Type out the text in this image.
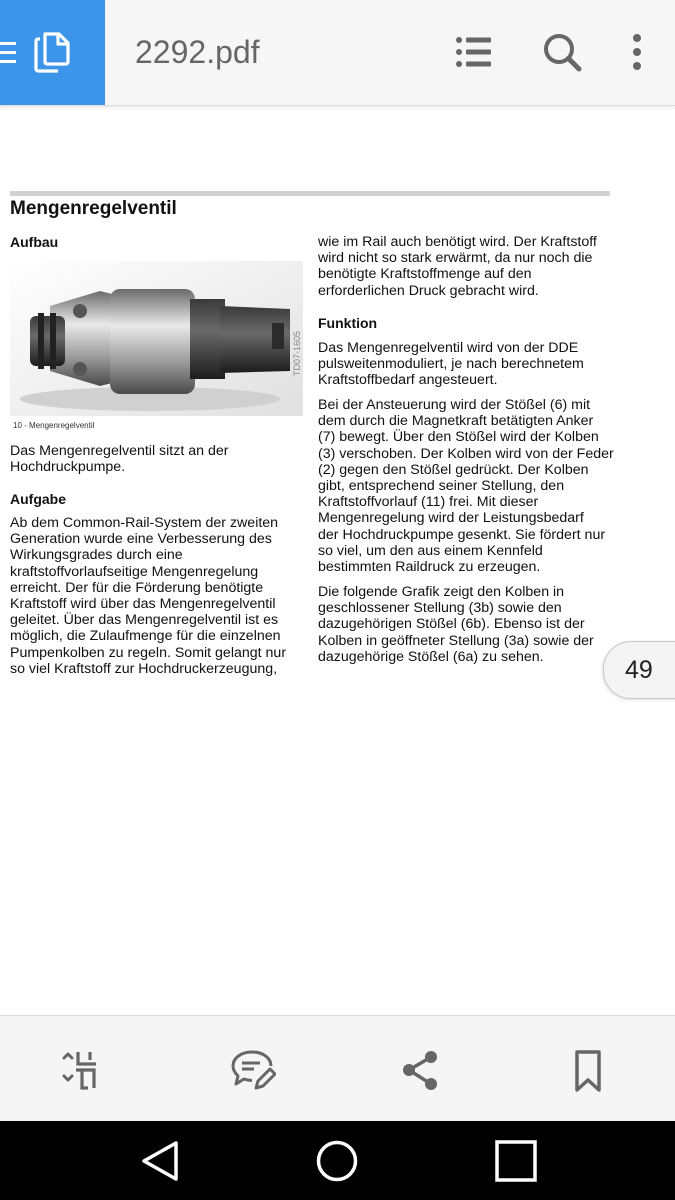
2292.pdf
Mengenregelventil
Aufbau
TD07-1605
10 - Mengenregelventil
Das Mengenregelventil sitzt an der
Hochdruckpumpe.
Aufgabe
Ab dem Common-Rail-System der zweiten
Generation wurde eine Verbesserung des
Wirkungsgrades durch eine
kraftstoffvorlaufseitige Mengenregelung
erreicht. Der für die Förderung benötigte
Kraftstoff wird über das Mengenregelventil
geleitet. Über das Mengenregelventil ist es
möglich, die Zulaufmenge für die einzelnen
Pumpenkolben zu regeln. Somit gelangt nur
so viel Kraftstoff zur Hochdruckerzeugung,
wie im Rail auch benötigt wird. Der Kraftstoff
wird nicht so stark erwärmt, da nur noch die
benötigte Kraftstoffmenge auf den
erforderlichen Druck gebracht wird.
Funktion
Das Mengenregelventil wird von der DDE
pulsweitenmoduliert, je nach berechnetem
Kraftstoffbedarf angesteuert.
Bei der Ansteuerung wird der Stößel (6) mit
dem durch die Magnetkraft betätigten Anker
(7) bewegt. Über den Stößel wird der Kolben
(3) verschoben. Der Kolben wird von der Feder
(2) gegen den Stößel gedrückt. Der Kolben
gibt, entsprechend seiner Stellung, den
Kraftstoffvorlauf (11) frei. Mit dieser
Mengenregelung wird der Leistungsbedarf
der Hochdruckpumpe gesenkt. Sie fördert nur
so viel, um den aus einem Kennfeld
bestimmten Raildruck zu erzeugen.
Die folgende Grafik zeigt den Kolben in
geschlossener Stellung (3b) sowie den
dazugehörigen Stößel (6b). Ebenso ist der
Kolben in geöffneter Stellung (3a) sowie der
dazugehörige Stößel (6a) zu sehen.	49
